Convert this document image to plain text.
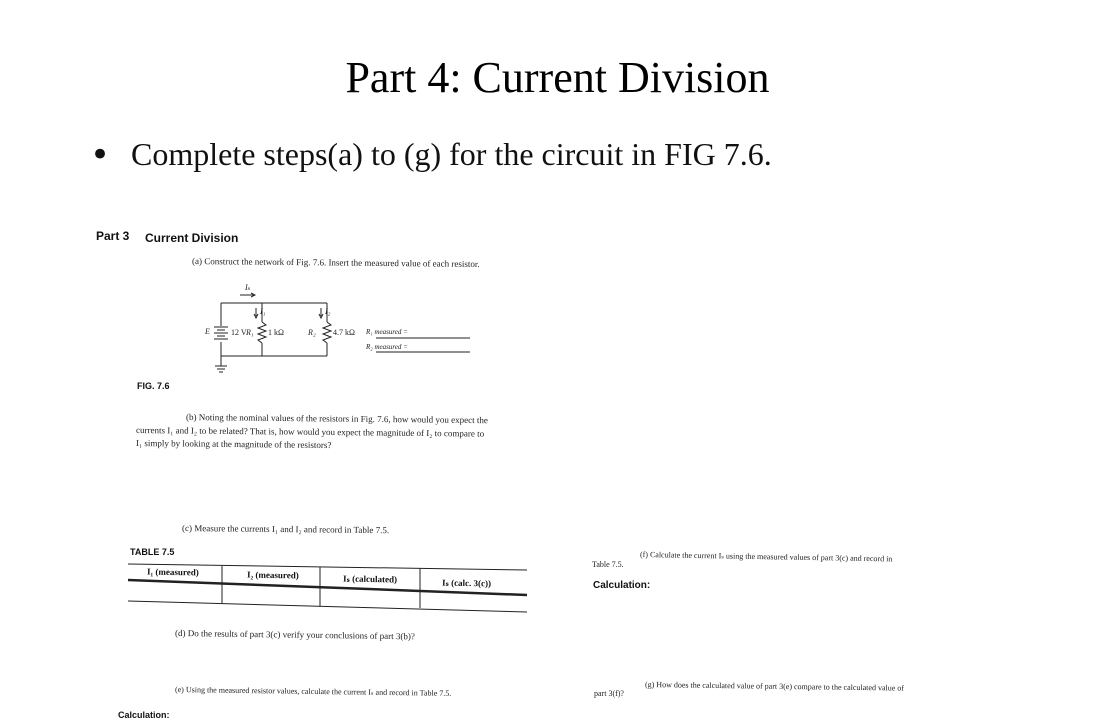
Part 4: Current Division
• Complete steps(a) to (g) for the circuit in FIG 7.6.
Part 3 Current Division
(a) Construct the network of Fig. 7.6. Insert the measured value of each resistor.
Iₛ
I₁	I₂
E	12 V R₁ 1 kΩ	R₂ 4.7 kΩ R₁ measured =
R₂ measured =
FIG. 7.6
(b) Noting the nominal values of the resistors in Fig. 7.6, how would you expect the
currents I₁ and I₂ to be related? That is, how would you expect the magnitude of I₂ to compare to
I₁ simply by looking at the magnitude of the resistors?
(c) Measure the currents I₁ and I₂ and record in Table 7.5.
TABLE 7.5
I₁ (measured)	I₂ (measured)	Iₛ (calculated)	Iₛ (calc. 3(c))
(d) Do the results of part 3(c) verify your conclusions of part 3(b)?
(e) Using the measured resistor values, calculate the current Iₛ and record in Table 7.5.
Calculation:
(f) Calculate the current Iₛ using the measured values of part 3(c) and record in
Table 7.5.
Calculation:
(g) How does the calculated value of part 3(e) compare to the calculated value of
part 3(f)?
